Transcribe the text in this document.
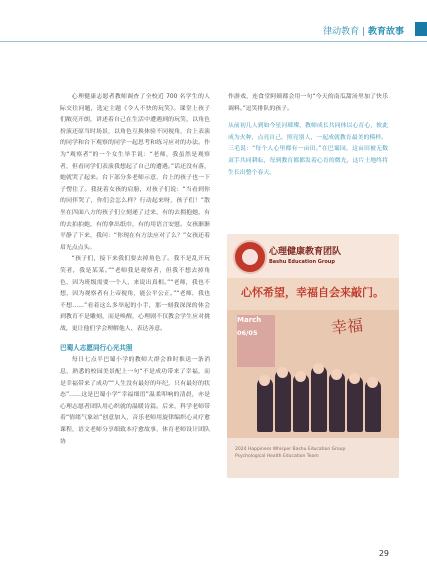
律动教育 | 教育故事

心理健康志愿者教师调查了全校近 700 名学生的人际交往问题，选定主题《令人不快的玩笑》。课堂上孩子们敞亮开朗，讲述着自己在生活中遭遇到的玩笑，以角色扮演还原当时场景，以角色互换体验不同视角，台上表演的同学和台下观察的同学一起思考和练习应对的办法。作为“观察者”的一个女生举手说：“老师，我虽然是观察者，但看同学们表演我想起了自己的遭遇。”话还没有落，她就哭了起来。台下部分多老师示意，台上的孩子也一下子愣住了。我抚着女孩的肩膀，对孩子们说：“当看到你的同伴哭了，你们会怎么样？行动起来呀，孩子们！”散坐在四面八方的孩子们立刻递了过来，有的去拥抱她，有的去拍拍她，有的拿出纸巾，有的用语言安慰。女孩渐渐平静了下来，我问：“你现在有方法应对了么？”女孩还着眉光点点头。

“孩子们，接下来我们要去掉角色了。我不是乱开玩笑者，我是某某。”“老师我是观察者，但我不想去掉角色，因为班级需要一个人，来说出真相。”“老师，我也不想，因为观察者有上帝视角，能公平公正。”“老师，我也不想……”看着这么多举起的小手，那一刻我深深的体会到教育不是雕刻，而是唤醒，心理剧不仅教会学生应对挑战，更让他们学会理解他人、表达善意。

巴蜀人志愿同行心光共照

每日七点半巴蜀小学的教师大群会准时推送一条消息，熟悉的校园美景配上一句“不是成功带来了幸福，而是幸福带来了成功”“人生没有最好的年纪，只有最好的状态”……这是巴蜀小学“幸福细语”温柔叩响的清晨，亦是心理志愿者团队用心织就的温暖诗篇。后来，科学老师带着“情绪气象站”创意加入，音乐老师用旋律编织心灵疗愈课程，语文老师分享细致本疗愈故事，体育老师设计团队协

作游戏，连食堂阿姨都会用一句“今天的南瓜甜汤里加了快乐调料。”逗笑排队的孩子。

从前初几人到如今星河璀璨，教师成长共同体以心育心，彼此成为火种，点亮自己，照亮别人，一起成就教育最美的模样。

三毛说：“每个人心里都有一亩田。”在巴蜀园，这亩田被无数双手共同耕耘，每到教育都都发着心育的微光，这片土地终将生长出整个春天。

心理健康教育团队
Bashu Education Group
心怀希望，幸福自会来敲门。
March
06/05	幸福
2024 Happiness Whisper Bashu Education Group Psychological Health Education Team
29
